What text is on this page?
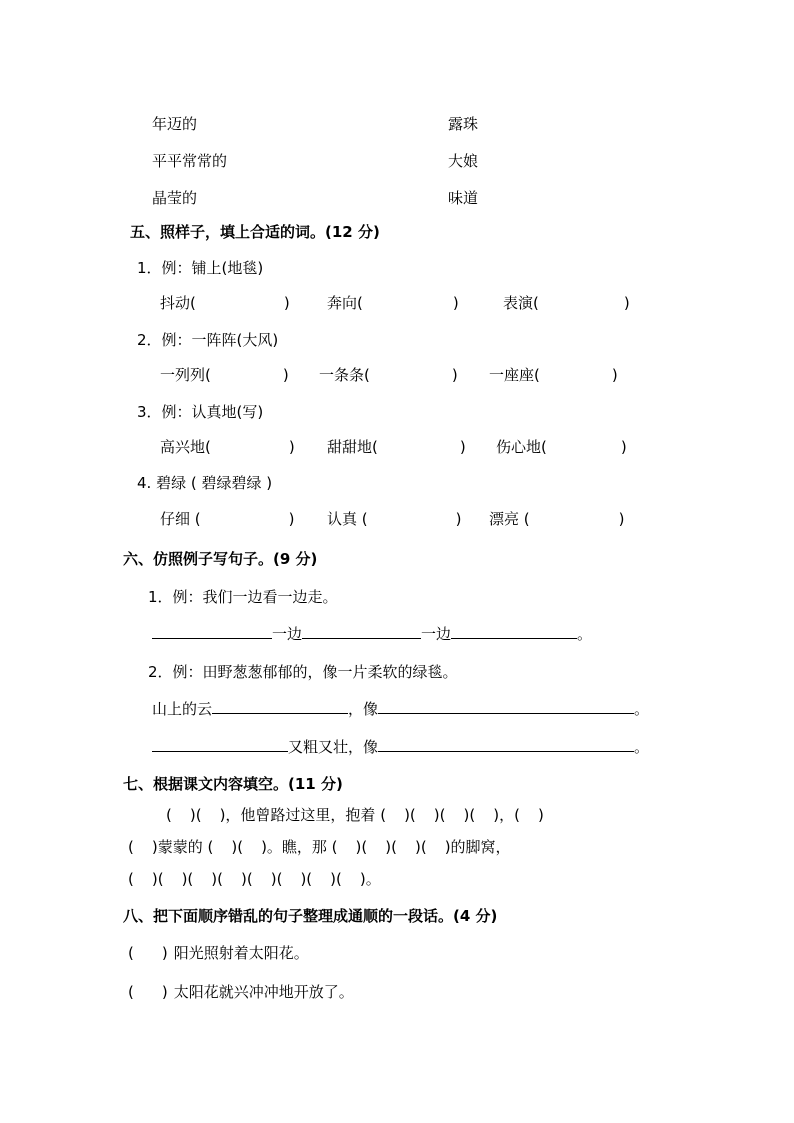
年迈的	露珠
平平常常的	大娘
晶莹的	味道
五、照样子，填上合适的词。(12 分)
1．例：铺上(地毯)
抖动(	) 奔向(	)	表演(	)
2．例：一阵阵(大风)
一列列(	) 一条条(	) 一座座(	)
3．例：认真地(写)
高兴地(	) 甜甜地(	) 伤心地(	)
4. 碧绿 ( 碧绿碧绿 )
仔细 (	) 认真 (	) 漂亮 (	)
六、仿照例子写句子。(9 分)
1．例：我们一边看一边走。
一边	一边	。
2．例：田野葱葱郁郁的，像一片柔软的绿毯。
山上的云	，像	。
又粗又壮，像	。
七、根据课文内容填空。(11 分)
( )( )，他曾路过这里，抱着 ( )( )( )( )，( )
( )蒙蒙的 ( )( )。瞧，那 ( )( )( )( )的脚窝，
( )( )( )( )( )( )( )( )。
八、把下面顺序错乱的句子整理成通顺的一段话。(4 分)
( ) 阳光照射着太阳花。
( ) 太阳花就兴冲冲地开放了。
